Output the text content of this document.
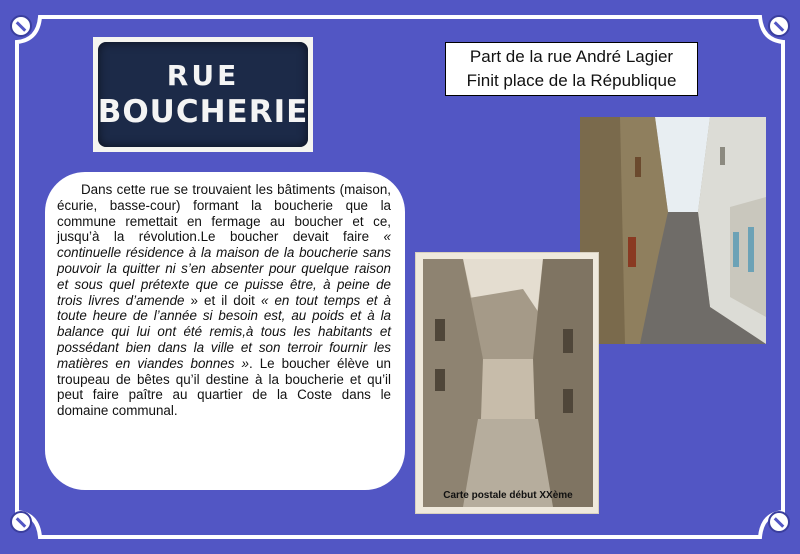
RUE
BOUCHERIE
Part de la rue André Lagier
Finit place de la République
Dans cette rue se trouvaient les bâtiments (maison, écurie, basse-cour) formant la boucherie que la commune remettait en fermage au boucher et ce, jusqu’à la révolution.Le boucher devait faire « continuelle résidence à la maison de la boucherie sans pouvoir la quitter ni s’en absenter pour quelque raison et sous quel prétexte que ce puisse être, à peine de trois livres d’amende » et il doit « en tout temps et à toute heure de l’année si besoin est, au poids et à la balance qui lui ont été remis,à tous les habitants et possédant bien dans la ville et son terroir fournir les matières en viandes bonnes ». Le boucher élève un troupeau de bêtes qu’il destine à la boucherie et qu’il peut faire paître au quartier de la Coste dans le domaine communal.
Carte postale début XXème
